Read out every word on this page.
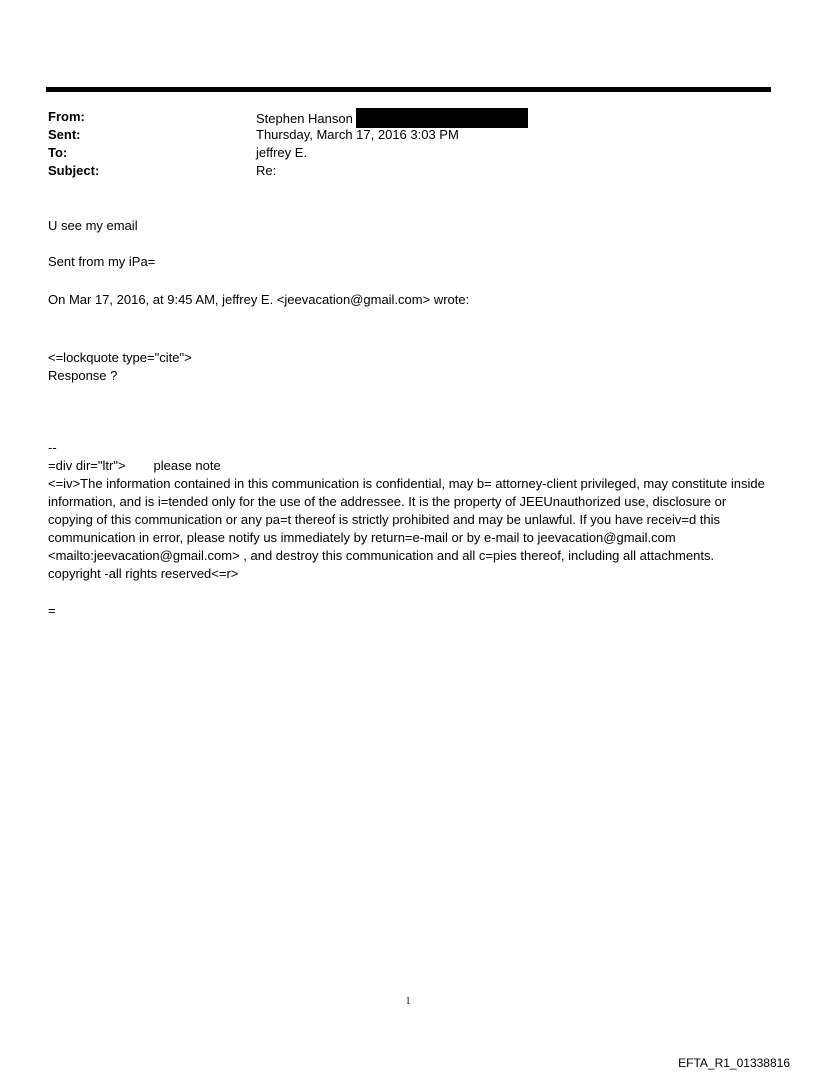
From:	Stephen Hanson
Sent:	Thursday, March 17, 2016 3:03 PM
To:	jeffrey E.
Subject:	Re:

U see my email

Sent from my iPa=

On Mar 17, 2016, at 9:45 AM, jeffrey E. <jeevacation@gmail.com> wrote:

<=lockquote type="cite">

Response ?

--

=div dir="ltr"> please note

<=iv>The information contained in this communication is confidential, may b= attorney-client privileged, may constitute inside information, and is i=tended only for the use of the addressee. It is the property of JEEUnauthorized use, disclosure or copying of this communication or any pa=t thereof is strictly prohibited and may be unlawful. If you have receiv=d this communication in error, please notify us immediately by return=e-mail or by e-mail to jeevacation@gmail.com <mailto:jeevacation@gmail.com> , and destroy this communication and all c=pies thereof, including all attachments. copyright -all rights reserved<=r>

=

1
EFTA_R1_01338816
